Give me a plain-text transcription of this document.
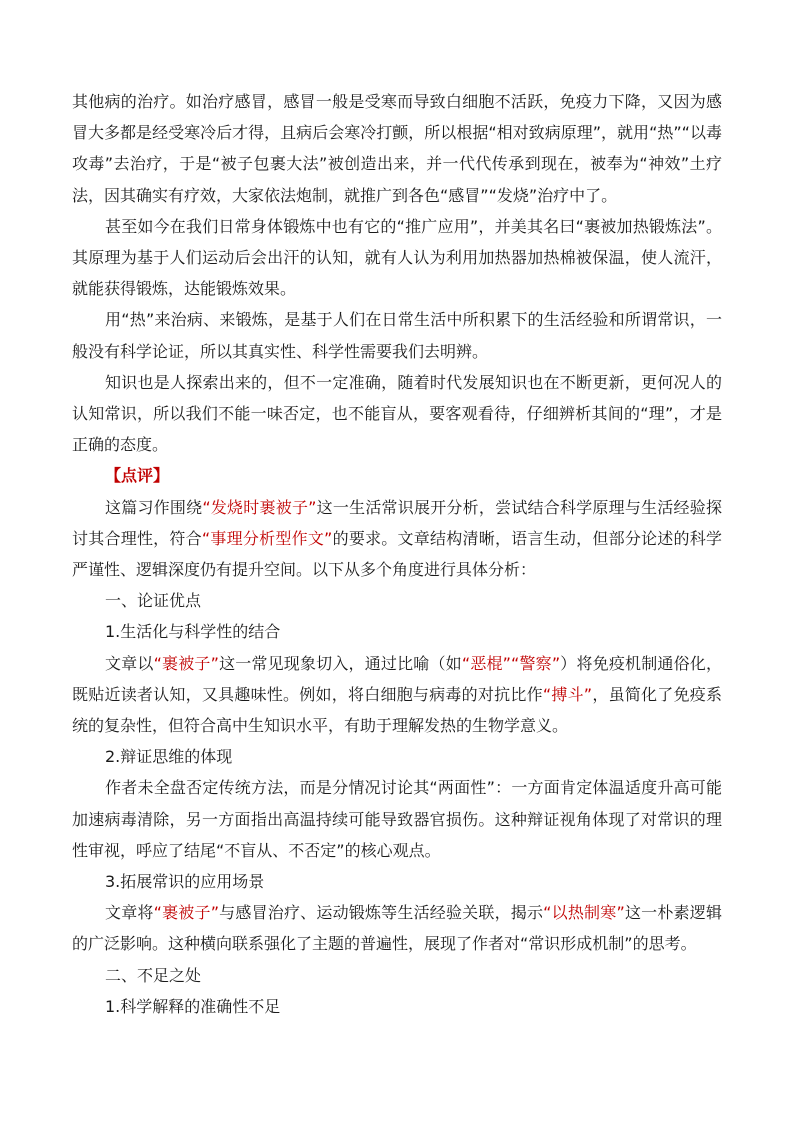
其他病的治疗。如治疗感冒，感冒一般是受寒而导致白细胞不活跃，免疫力下降，又因为感冒大多都是经受寒冷后才得，且病后会寒冷打颤，所以根据“相对致病原理”，就用“热”“以毒攻毒”去治疗，于是“被子包裹大法”被创造出来，并一代代传承到现在，被奉为“神效”土疗法，因其确实有疗效，大家依法炮制，就推广到各色“感冒”“发烧”治疗中了。

甚至如今在我们日常身体锻炼中也有它的“推广应用”，并美其名曰“裹被加热锻炼法”。其原理为基于人们运动后会出汗的认知，就有人认为利用加热器加热棉被保温，使人流汗，就能获得锻炼，达能锻炼效果。

用“热”来治病、来锻炼，是基于人们在日常生活中所积累下的生活经验和所谓常识，一般没有科学论证，所以其真实性、科学性需要我们去明辨。

知识也是人探索出来的，但不一定准确，随着时代发展知识也在不断更新，更何况人的认知常识，所以我们不能一味否定，也不能盲从，要客观看待，仔细辨析其间的“理”，才是正确的态度。

【点评】

这篇习作围绕“发烧时裹被子”这一生活常识展开分析，尝试结合科学原理与生活经验探讨其合理性，符合“事理分析型作文”的要求。文章结构清晰，语言生动，但部分论述的科学严谨性、逻辑深度仍有提升空间。以下从多个角度进行具体分析：

一、论证优点

1.生活化与科学性的结合

文章以“裹被子”这一常见现象切入，通过比喻（如“恶棍”“警察”）将免疫机制通俗化，既贴近读者认知，又具趣味性。例如，将白细胞与病毒的对抗比作“搏斗”，虽简化了免疫系统的复杂性，但符合高中生知识水平，有助于理解发热的生物学意义。

2.辩证思维的体现

作者未全盘否定传统方法，而是分情况讨论其“两面性”：一方面肯定体温适度升高可能加速病毒清除，另一方面指出高温持续可能导致器官损伤。这种辩证视角体现了对常识的理性审视，呼应了结尾“不盲从、不否定”的核心观点。

3.拓展常识的应用场景

文章将“裹被子”与感冒治疗、运动锻炼等生活经验关联，揭示“以热制寒”这一朴素逻辑的广泛影响。这种横向联系强化了主题的普遍性，展现了作者对“常识形成机制”的思考。

二、不足之处

1.科学解释的准确性不足
